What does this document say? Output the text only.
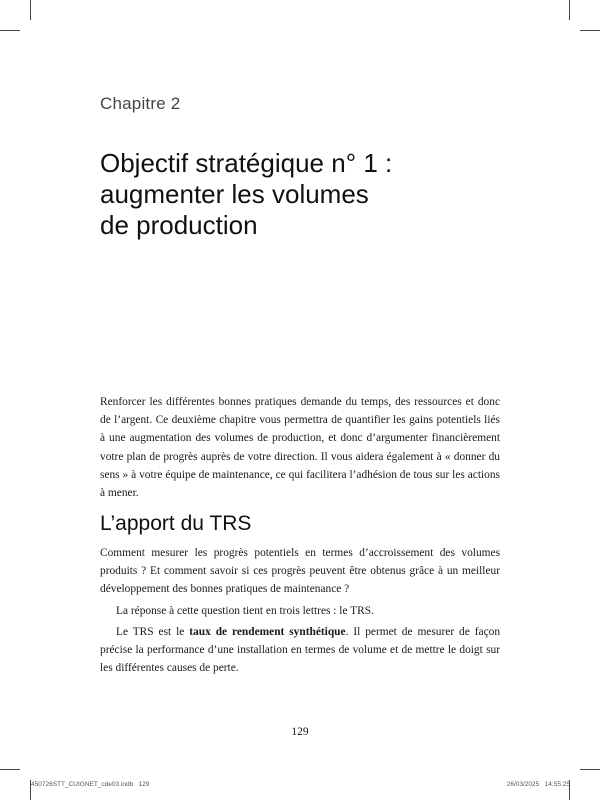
Chapitre 2
Objectif stratégique n° 1 :
augmenter les volumes
de production

Renforcer les différentes bonnes pratiques demande du temps, des ressources et donc de l’argent. Ce deuxième chapitre vous permettra de quantifier les gains potentiels liés à une augmentation des volumes de production, et donc d’argumenter financièrement votre plan de progrès auprès de votre direction. Il vous aidera également à « donner du sens » à votre équipe de maintenance, ce qui facilitera l’adhésion de tous sur les actions à mener.

L’apport du TRS

Comment mesurer les progrès potentiels en termes d’accroissement des volumes produits ? Et comment savoir si ces progrès peuvent être obtenus grâce à un meilleur développement des bonnes pratiques de maintenance ?

La réponse à cette question tient en trois lettres : le TRS.

Le TRS est le taux de rendement synthétique. Il permet de mesurer de façon précise la performance d’une installation en termes de volume et de mettre le doigt sur les différentes causes de perte.

129
450726STT_CUIGNET_cde03.indb   129	26/03/2025   14:55:25
